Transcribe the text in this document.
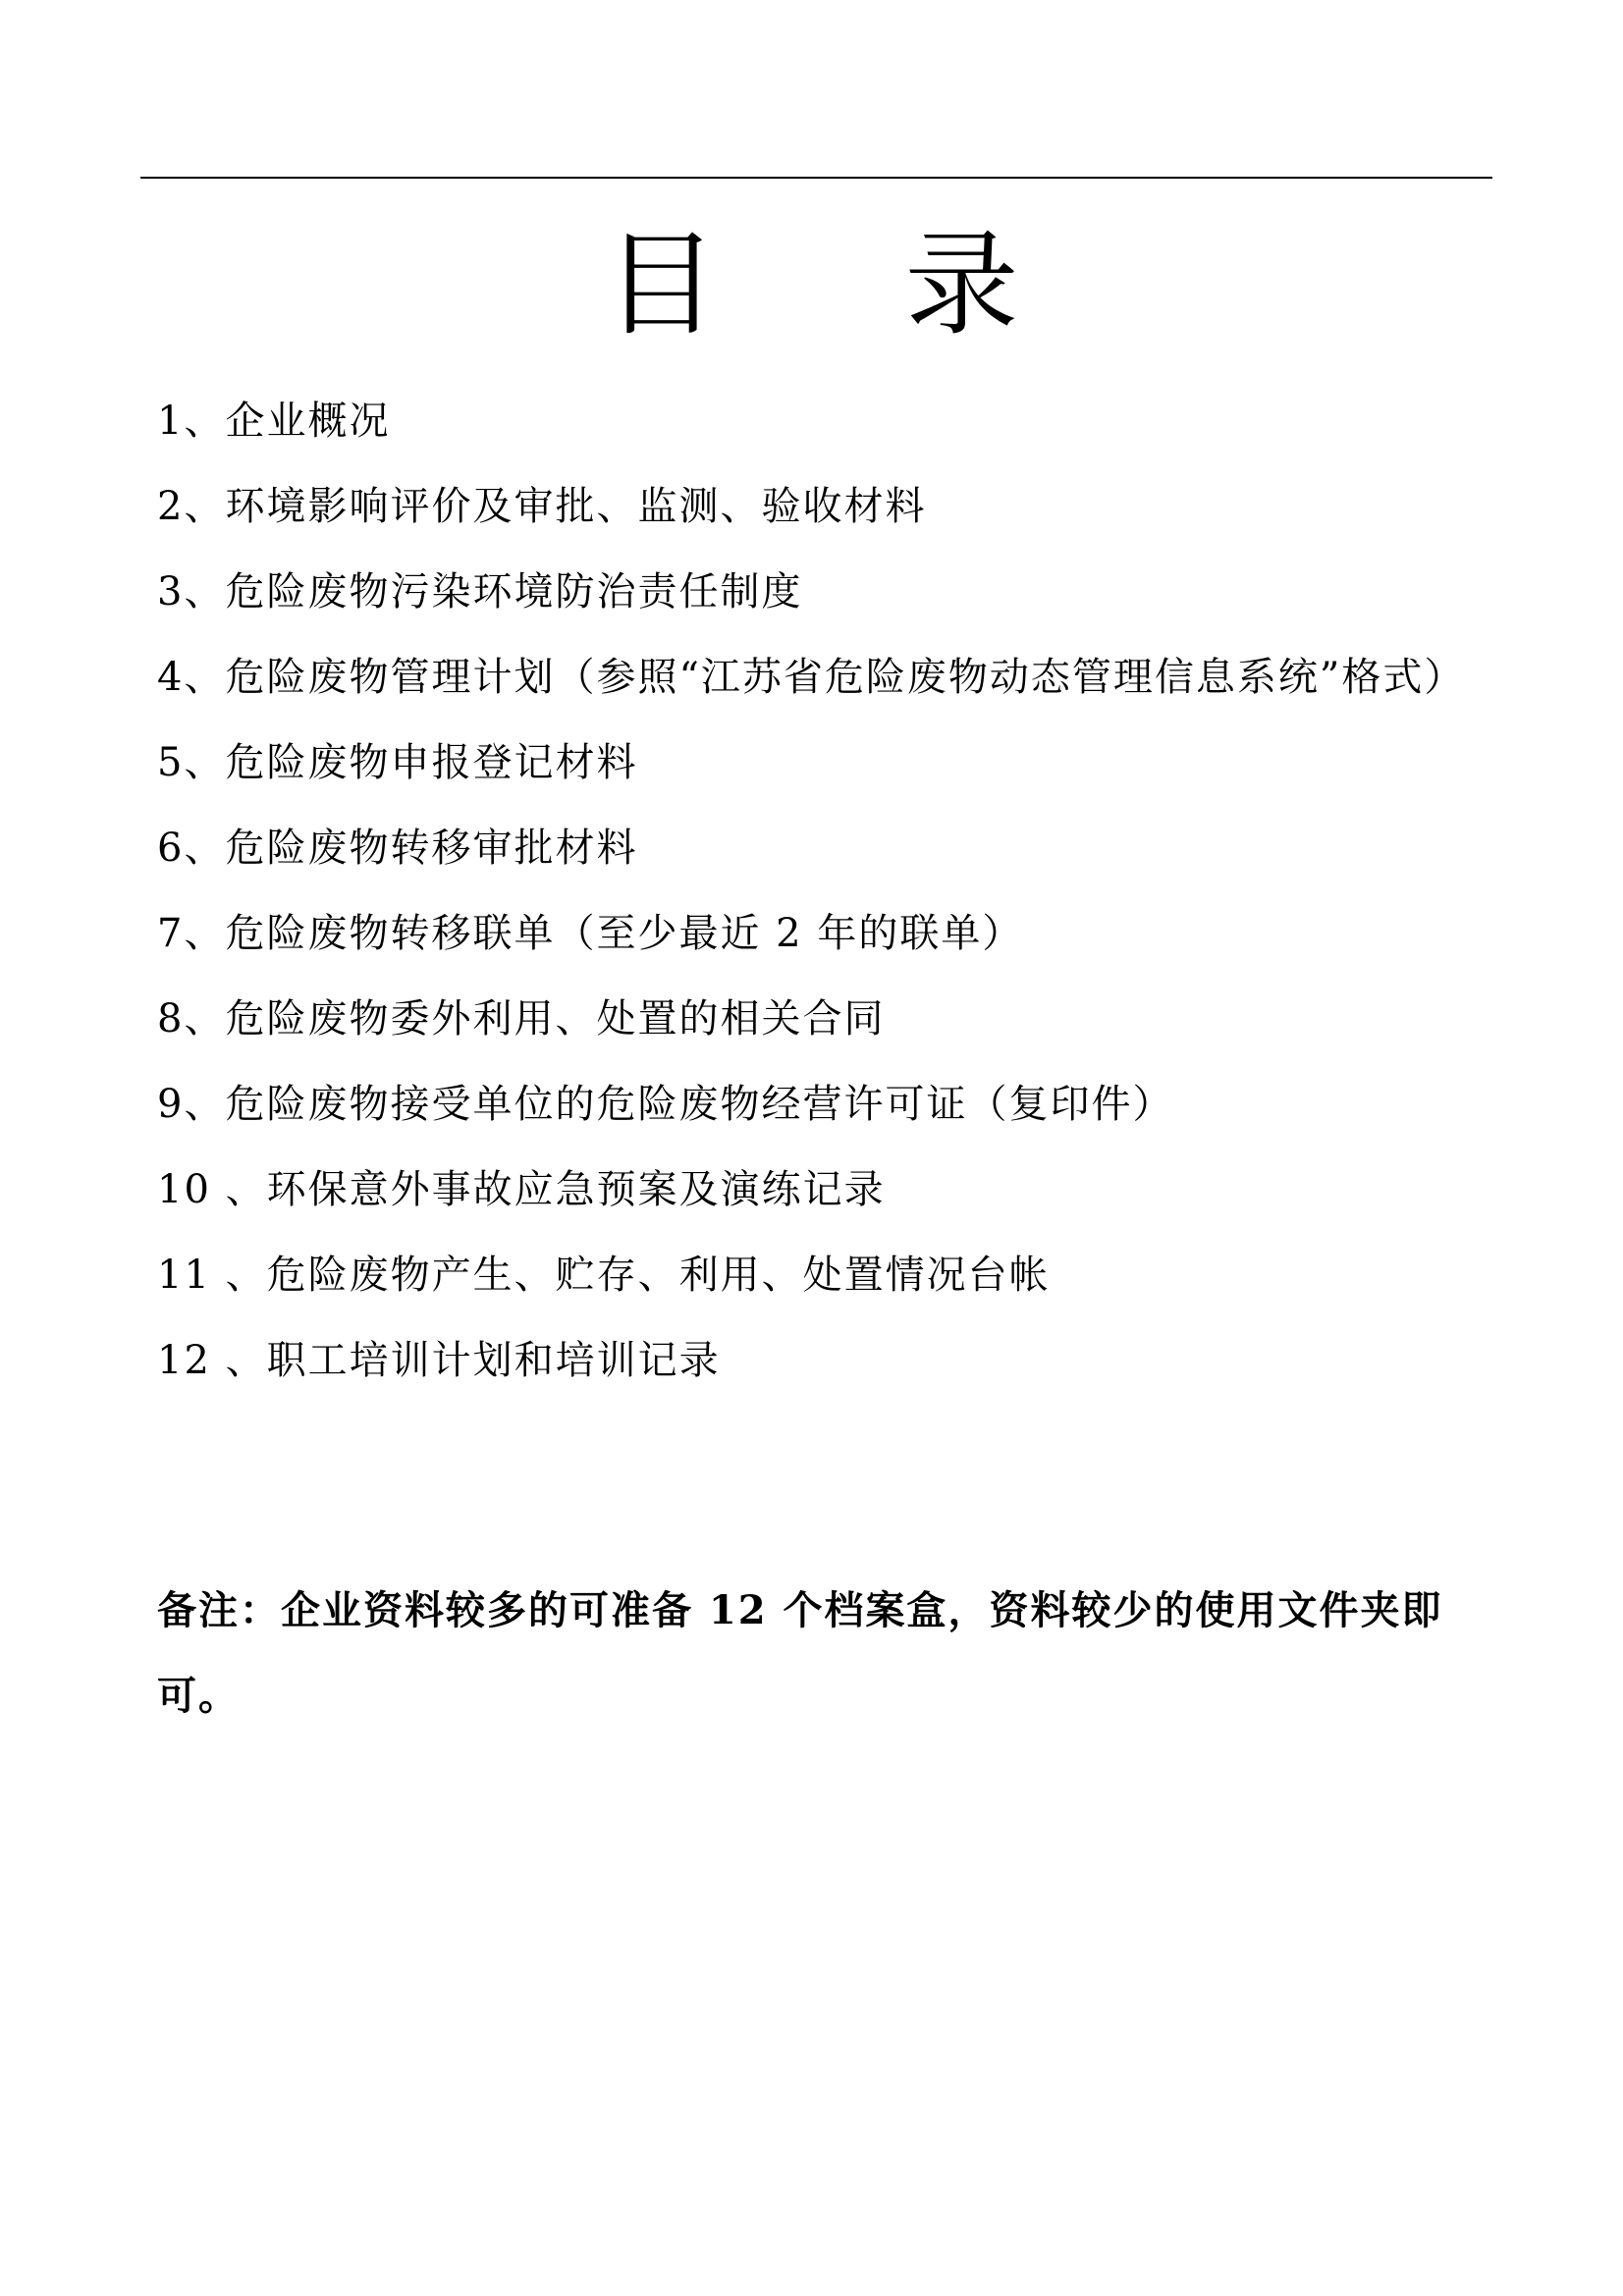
目 录
1、企业概况
2、环境影响评价及审批、监测、验收材料
3、危险废物污染环境防治责任制度
4、危险废物管理计划（参照“江苏省危险废物动态管理信息系统”格式）
5、危险废物申报登记材料
6、危险废物转移审批材料
7、危险废物转移联单（至少最近 2 年的联单）
8、危险废物委外利用、处置的相关合同
9、危险废物接受单位的危险废物经营许可证（复印件）
10 、环保意外事故应急预案及演练记录
11 、危险废物产生、贮存、利用、处置情况台帐
12 、职工培训计划和培训记录

备注：企业资料较多的可准备 12 个档案盒，资料较少的使用文件夹即可。
